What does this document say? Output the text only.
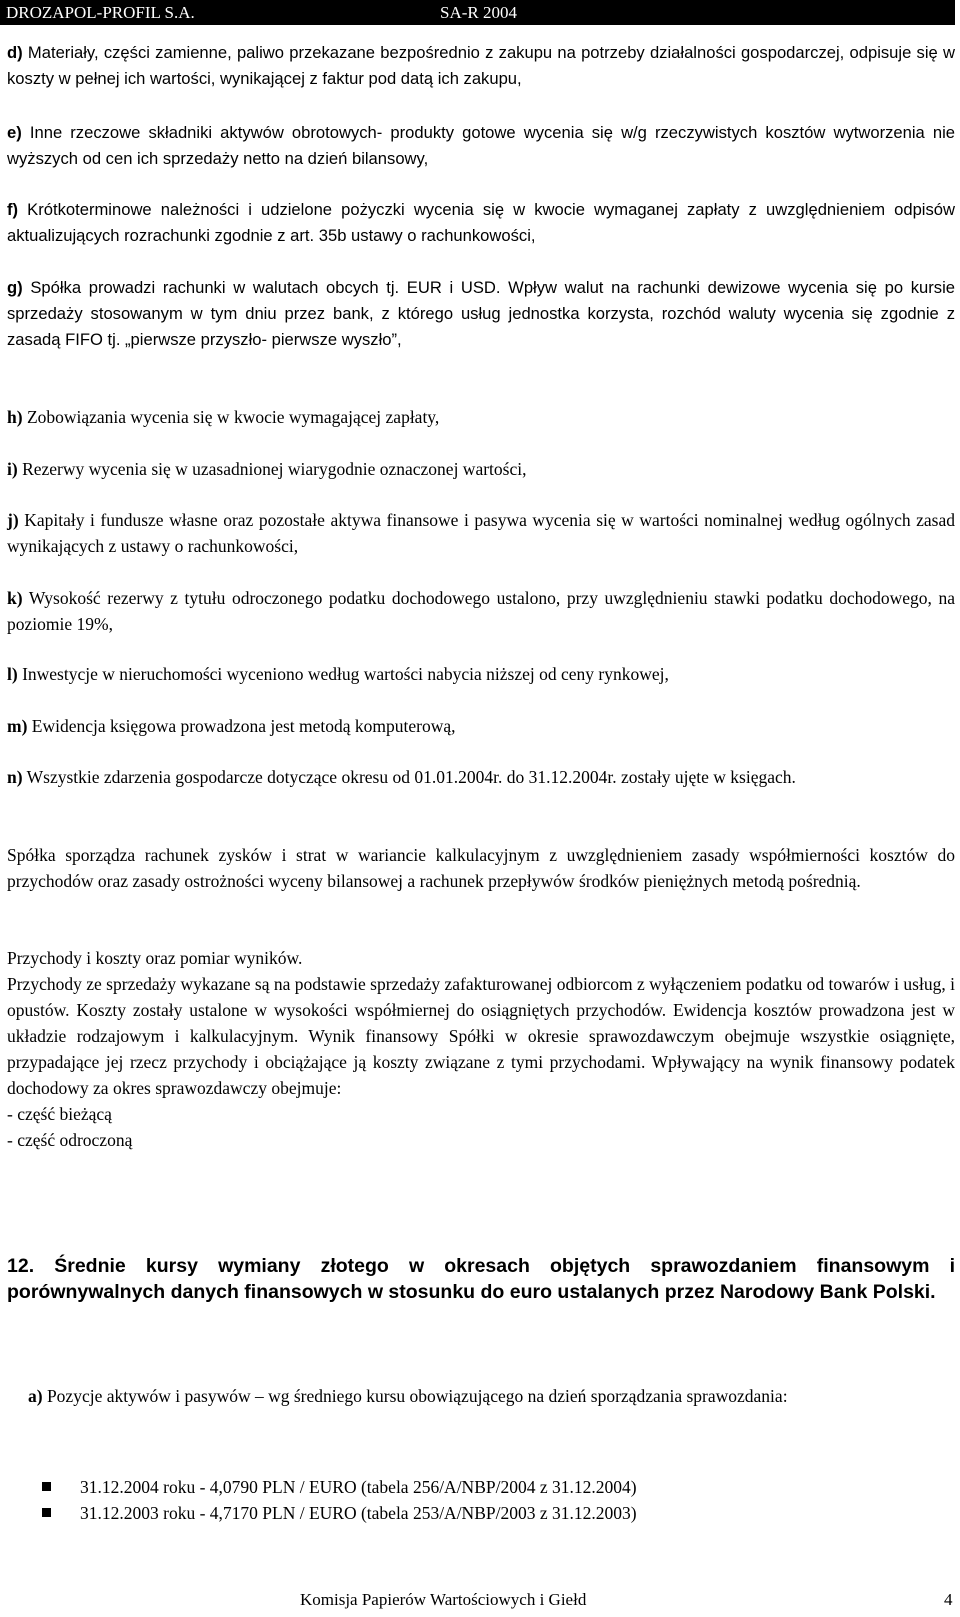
DROZAPOL-PROFIL S.A.	SA-R 2004

d) Materiały, części zamienne, paliwo przekazane bezpośrednio z zakupu na potrzeby działalności gospodarczej, odpisuje się w koszty w pełnej ich wartości, wynikającej z faktur pod datą ich zakupu,

e) Inne rzeczowe składniki aktywów obrotowych- produkty gotowe wycenia się w/g rzeczywistych kosztów wytworzenia nie wyższych od cen ich sprzedaży netto na dzień bilansowy,

f) Krótkoterminowe należności i udzielone pożyczki wycenia się w kwocie wymaganej zapłaty z uwzględnieniem odpisów aktualizujących rozrachunki zgodnie z art. 35b ustawy o rachunkowości,

g) Spółka prowadzi rachunki w walutach obcych tj. EUR i USD. Wpływ walut na rachunki dewizowe wycenia się po kursie sprzedaży stosowanym w tym dniu przez bank, z którego usług jednostka korzysta, rozchód waluty wycenia się zgodnie z zasadą FIFO tj. „pierwsze przyszło- pierwsze wyszło”,

h) Zobowiązania wycenia się w kwocie wymagającej zapłaty,

i) Rezerwy wycenia się w uzasadnionej wiarygodnie oznaczonej wartości,

j) Kapitały i fundusze własne oraz pozostałe aktywa finansowe i pasywa wycenia się w wartości nominalnej według ogólnych zasad wynikających z ustawy o rachunkowości,

k) Wysokość rezerwy z tytułu odroczonego podatku dochodowego ustalono, przy uwzględnieniu stawki podatku dochodowego, na poziomie 19%,

l) Inwestycje w nieruchomości wyceniono według wartości nabycia niższej od ceny rynkowej,

m) Ewidencja księgowa prowadzona jest metodą komputerową,

n) Wszystkie zdarzenia gospodarcze dotyczące okresu od 01.01.2004r. do 31.12.2004r. zostały ujęte w księgach.

Spółka sporządza rachunek zysków i strat w wariancie kalkulacyjnym z uwzględnieniem zasady współmierności kosztów do przychodów oraz zasady ostrożności wyceny bilansowej a rachunek przepływów środków pieniężnych metodą pośrednią.

Przychody i koszty oraz pomiar wyników.
Przychody ze sprzedaży wykazane są na podstawie sprzedaży zafakturowanej odbiorcom z wyłączeniem podatku od towarów i usług, i opustów. Koszty zostały ustalone w wysokości współmiernej do osiągniętych przychodów. Ewidencja kosztów prowadzona jest w układzie rodzajowym i kalkulacyjnym. Wynik finansowy Spółki w okresie sprawozdawczym obejmuje wszystkie osiągnięte, przypadające jej rzecz przychody i obciążające ją koszty związane z tymi przychodami. Wpływający na wynik finansowy podatek dochodowy za okres sprawozdawczy obejmuje:
- część bieżącą
- część odroczoną

12. Średnie kursy wymiany złotego w okresach objętych sprawozdaniem finansowym i porównywalnych danych finansowych w stosunku do euro ustalanych przez Narodowy Bank Polski.

a) Pozycje aktywów i pasywów – wg średniego kursu obowiązującego na dzień sporządzania sprawozdania:

31.12.2004 roku - 4,0790 PLN / EURO (tabela 256/A/NBP/2004 z 31.12.2004)
31.12.2003 roku - 4,7170 PLN / EURO (tabela 253/A/NBP/2003 z 31.12.2003)
Komisja Papierów Wartościowych i Giełd	4
